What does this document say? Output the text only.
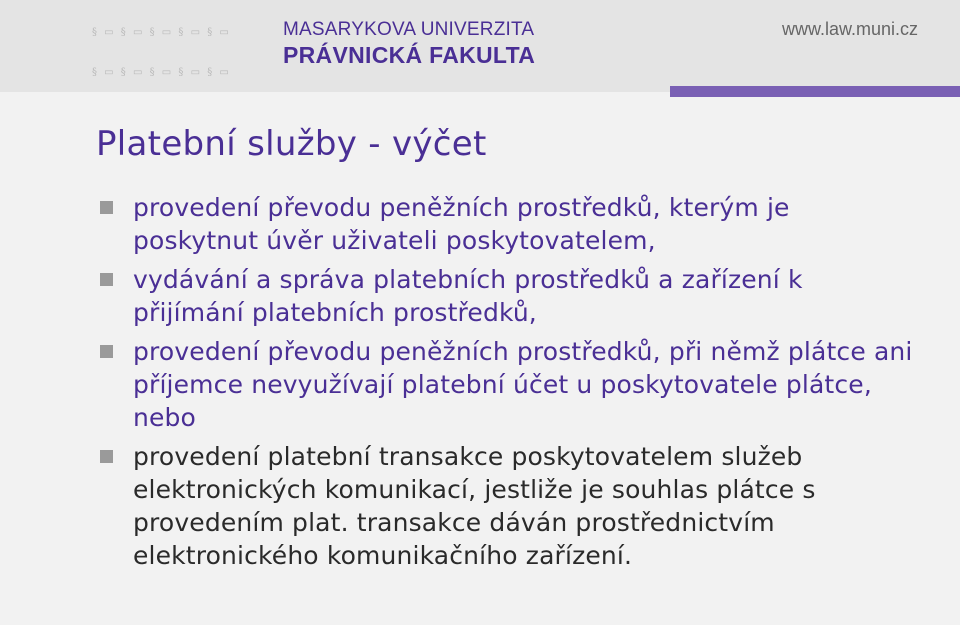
§ ▭ § ▭ § ▭ § ▭ § ▭

§ ▭ § ▭ § ▭ § ▭ § ▭

MASARYKOVA UNIVERZITA

PRÁVNICKÁ FAKULTA

www.law.muni.cz

Platební služby - výčet
provedení převodu peněžních prostředků, kterým je poskytnut úvěr uživateli poskytovatelem,
vydávání a správa platebních prostředků a zařízení k přijímání platebních prostředků,
provedení převodu peněžních prostředků, při němž plátce ani příjemce nevyužívají platební účet u poskytovatele plátce, nebo
provedení platební transakce poskytovatelem služeb elektronických komunikací, jestliže je souhlas plátce s provedením plat. transakce dáván prostřednictvím elektronického komunikačního zařízení.
